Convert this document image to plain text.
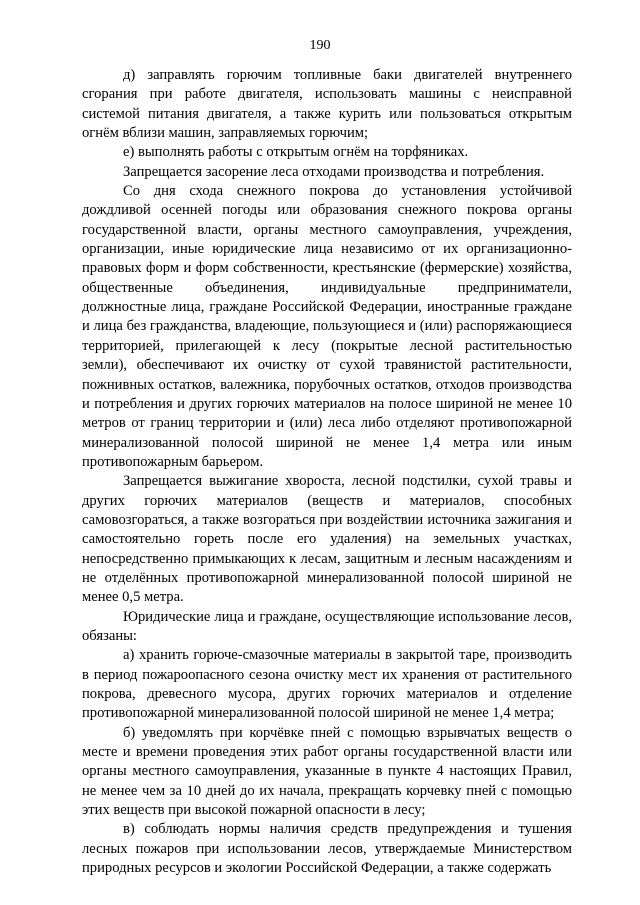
190

д) заправлять горючим топливные баки двигателей внутреннего сгорания при работе двигателя, использовать машины с неисправной системой питания двигателя, а также курить или пользоваться открытым огнём вблизи машин, заправляемых горючим;

е) выполнять работы с открытым огнём на торфяниках.

Запрещается засорение леса отходами производства и потребления.

Со дня схода снежного покрова до установления устойчивой дождливой осенней погоды или образования снежного покрова органы государственной власти, органы местного самоуправления, учреждения, организации, иные юридические лица независимо от их организационно-правовых форм и форм собственности, крестьянские (фермерские) хозяйства, общественные объединения, индивидуальные предприниматели, должностные лица, граждане Российской Федерации, иностранные граждане и лица без гражданства, владеющие, пользующиеся и (или) распоряжающиеся территорией, прилегающей к лесу (покрытые лесной растительностью земли), обеспечивают их очистку от сухой травянистой растительности, пожнивных остатков, валежника, порубочных остатков, отходов производства и потребления и других горючих материалов на полосе шириной не менее 10 метров от границ территории и (или) леса либо отделяют противопожарной минерализованной полосой шириной не менее 1,4 метра или иным противопожарным барьером.

Запрещается выжигание хвороста, лесной подстилки, сухой травы и других горючих материалов (веществ и материалов, способных самовозгораться, а также возгораться при воздействии источника зажигания и самостоятельно гореть после его удаления) на земельных участках, непосредственно примыкающих к лесам, защитным и лесным насаждениям и не отделённых противопожарной минерализованной полосой шириной не менее 0,5 метра.

Юридические лица и граждане, осуществляющие использование лесов, обязаны:

а) хранить горюче-смазочные материалы в закрытой таре, производить в период пожароопасного сезона очистку мест их хранения от растительного покрова, древесного мусора, других горючих материалов и отделение противопожарной минерализованной полосой шириной не менее 1,4 метра;

б) уведомлять при корчёвке пней с помощью взрывчатых веществ о месте и времени проведения этих работ органы государственной власти или органы местного самоуправления, указанные в пункте 4 настоящих Правил, не менее чем за 10 дней до их начала, прекращать корчевку пней с помощью этих веществ при высокой пожарной опасности в лесу;

в) соблюдать нормы наличия средств предупреждения и тушения лесных пожаров при использовании лесов, утверждаемые Министерством природных ресурсов и экологии Российской Федерации, а также содержать
